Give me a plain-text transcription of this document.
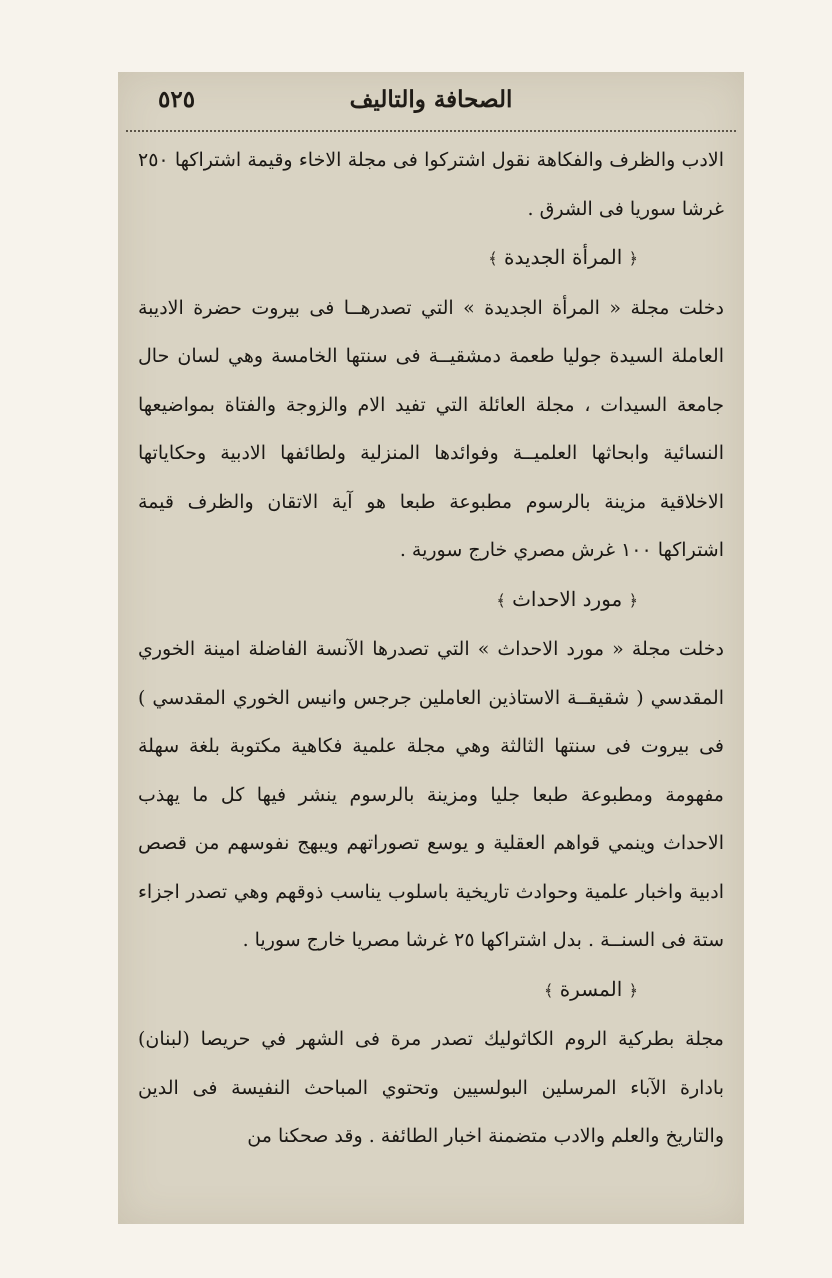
الصحافة والتاليف
٥٢٥

الادب والظرف والفكاهة نقول اشتركوا فى مجلة الاخاء وقيمة اشتراكها ٢٥٠ غرشا سوريا فى الشرق .

﴿ المرأة الجديدة ﴾

دخلت مجلة « المرأة الجديدة » التي تصدرهــا فى بيروت حضرة الاديبة العاملة السيدة جوليا طعمة دمشقيــة فى سنتها الخامسة وهي لسان حال جامعة السيدات ، مجلة العائلة التي تفيد الام والزوجة والفتاة بمواضيعها النسائية وابحاثها العلميــة وفوائدها المنزلية ولطائفها الادبية وحكاياتها الاخلاقية مزينة بالرسوم مطبوعة طبعا هو آية الاتقان والظرف قيمة اشتراكها ١٠٠ غرش مصري خارج سورية .

﴿ مورد الاحداث ﴾

دخلت مجلة « مورد الاحداث » التي تصدرها الآنسة الفاضلة امينة الخوري المقدسي ( شقيقــة الاستاذين العاملين جرجس وانيس الخوري المقدسي ) فى بيروت فى سنتها الثالثة وهي مجلة علمية فكاهية مكتوبة بلغة سهلة مفهومة ومطبوعة طبعا جليا ومزينة بالرسوم ينشر فيها كل ما يهذب الاحداث وينمي قواهم العقلية و يوسع تصوراتهم ويبهج نفوسهم من قصص ادبية واخبار علمية وحوادث تاريخية باسلوب يناسب ذوقهم وهي تصدر اجزاء ستة فى السنــة . بدل اشتراكها ٢٥ غرشا مصريا خارج سوريا .

﴿ المسرة ﴾

مجلة بطركية الروم الكاثوليك تصدر مرة فى الشهر في حريصا (لبنان) بادارة الآباء المرسلين البولسيين وتحتوي المباحث النفيسة فى الدين والتاريخ والعلم والادب متضمنة اخبار الطائفة . وقد صحكنا من
